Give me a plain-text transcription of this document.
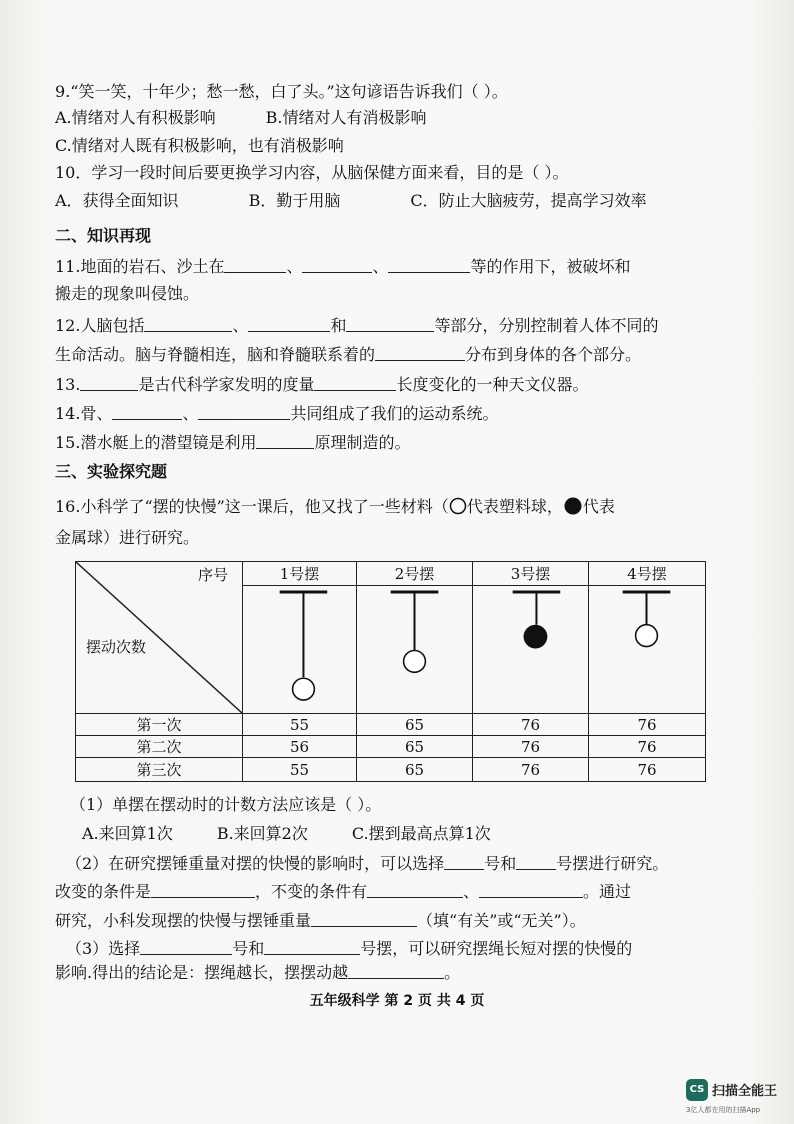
9.“笑一笑，十年少；愁一愁，白了头。”这句谚语告诉我们（ ）。
A.情绪对人有积极影响	B.情绪对人有消极影响
C.情绪对人既有积极影响，也有消极影响
10．学习一段时间后要更换学习内容，从脑保健方面来看，目的是（ ）。
A．获得全面知识	B．勤于用脑	C．防止大脑疲劳，提高学习效率
二、知识再现
11.地面的岩石、沙土在	、	、	等的作用下，被破坏和
搬走的现象叫侵蚀。
12.人脑包括	、	和	等部分，分别控制着人体不同的
生命活动。脑与脊髓相连，脑和脊髓联系着的	分布到身体的各个部分。
13.	是古代科学家发明的度量	长度变化的一种天文仪器。
14.骨、	、	共同组成了我们的运动系统。
15.潜水艇上的潜望镜是利用	原理制造的。
三、实验探究题
16.小科学了“摆的快慢”这一课后，他又找了一些材料（ 代表塑料球， 代表
金属球）进行研究。
序号
摆动次数	1号摆	2号摆	3号摆	4号摆

第一次	55	65	76	76
第二次	56	65	76	76
第三次	55	65	76	76
（1）单摆在摆动时的计数方法应该是（ ）。
A.来回算1次	B.来回算2次	C.摆到最高点算1次
（2）在研究摆锤重量对摆的快慢的影响时，可以选择	号和	号摆进行研究。
改变的条件是	，不变的条件有	、	。通过
研究，小科发现摆的快慢与摆锤重量	（填“有关”或“无关”）。
（3）选择	号和	号摆，可以研究摆绳长短对摆的快慢的
影响.得出的结论是：摆绳越长，摆摆动越	。
五年级科学 第 2 页 共 4 页
CS 扫描全能王
3亿人都在用的扫描App
